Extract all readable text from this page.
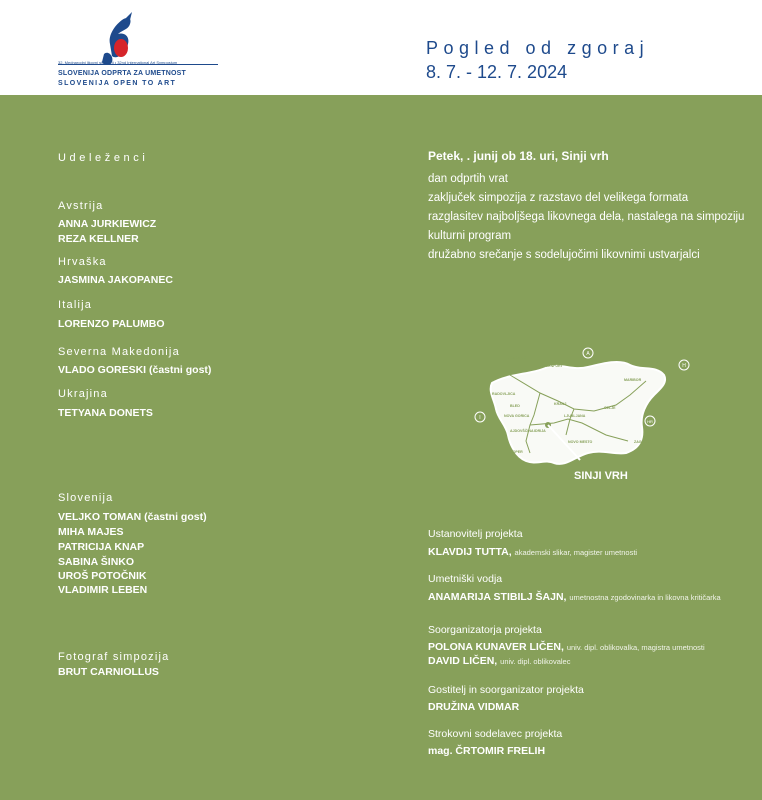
32. Mednarodni likovni simpozij • 32nd International Art Symposium
SLOVENIJA ODPRTA ZA UMETNOST
SLOVENIJA OPEN TO ART
Pogled od zgoraj
8. 7. - 12. 7. 2024
Udeleženci
Avstrija
ANNA JURKIEWICZ
REZA KELLNER
Hrvaška
JASMINA JAKOPANEC
Italija
LORENZO PALUMBO
Severna Makedonija
VLADO GORESKI (častni gost)
Ukrajina
TETYANA DONETS
Slovenija
VELJKO TOMAN (častni gost)
MIHA MAJES
PATRICIJA KNAP
SABINA ŠINKO
UROŠ POTOČNIK
VLADIMIR LEBEN
Fotograf simpozija
BRUT CARNIOLLUS
Petek, . junij ob 18. uri, Sinji vrh
dan odprtih vrat
zaključek simpozija z razstavo del velikega formata
razglasitev najboljšega likovnega dela, nastalega na simpoziju
kulturni program
družabno srečanje s sodelujočimi likovnimi ustvarjalci
A
H
I
HR
JESENICE
KLAGENFURT
GRAZ
BUDAPEST
MARIBOR
RADOVLJICA
BLED	KRANJ
LJUBLJANA
CELJE
NOVA GORICA
AJDOVŠČINA IDRIJA
TRIESTE
KOPER
NOVO MESTO	ZAGREB
SINJI VRH
Ustanovitelj projekta
KLAVDIJ TUTTA, akademski slikar, magister umetnosti
Umetniški vodja
ANAMARIJA STIBILJ ŠAJN, umetnostna zgodovinarka in likovna kritičarka
Soorganizatorja projekta
POLONA KUNAVER LIČEN, univ. dipl. oblikovalka, magistra umetnosti
DAVID LIČEN, univ. dipl. oblikovalec
Gostitelj in soorganizator projekta
DRUŽINA VIDMAR
Strokovni sodelavec projekta
mag. ČRTOMIR FRELIH
